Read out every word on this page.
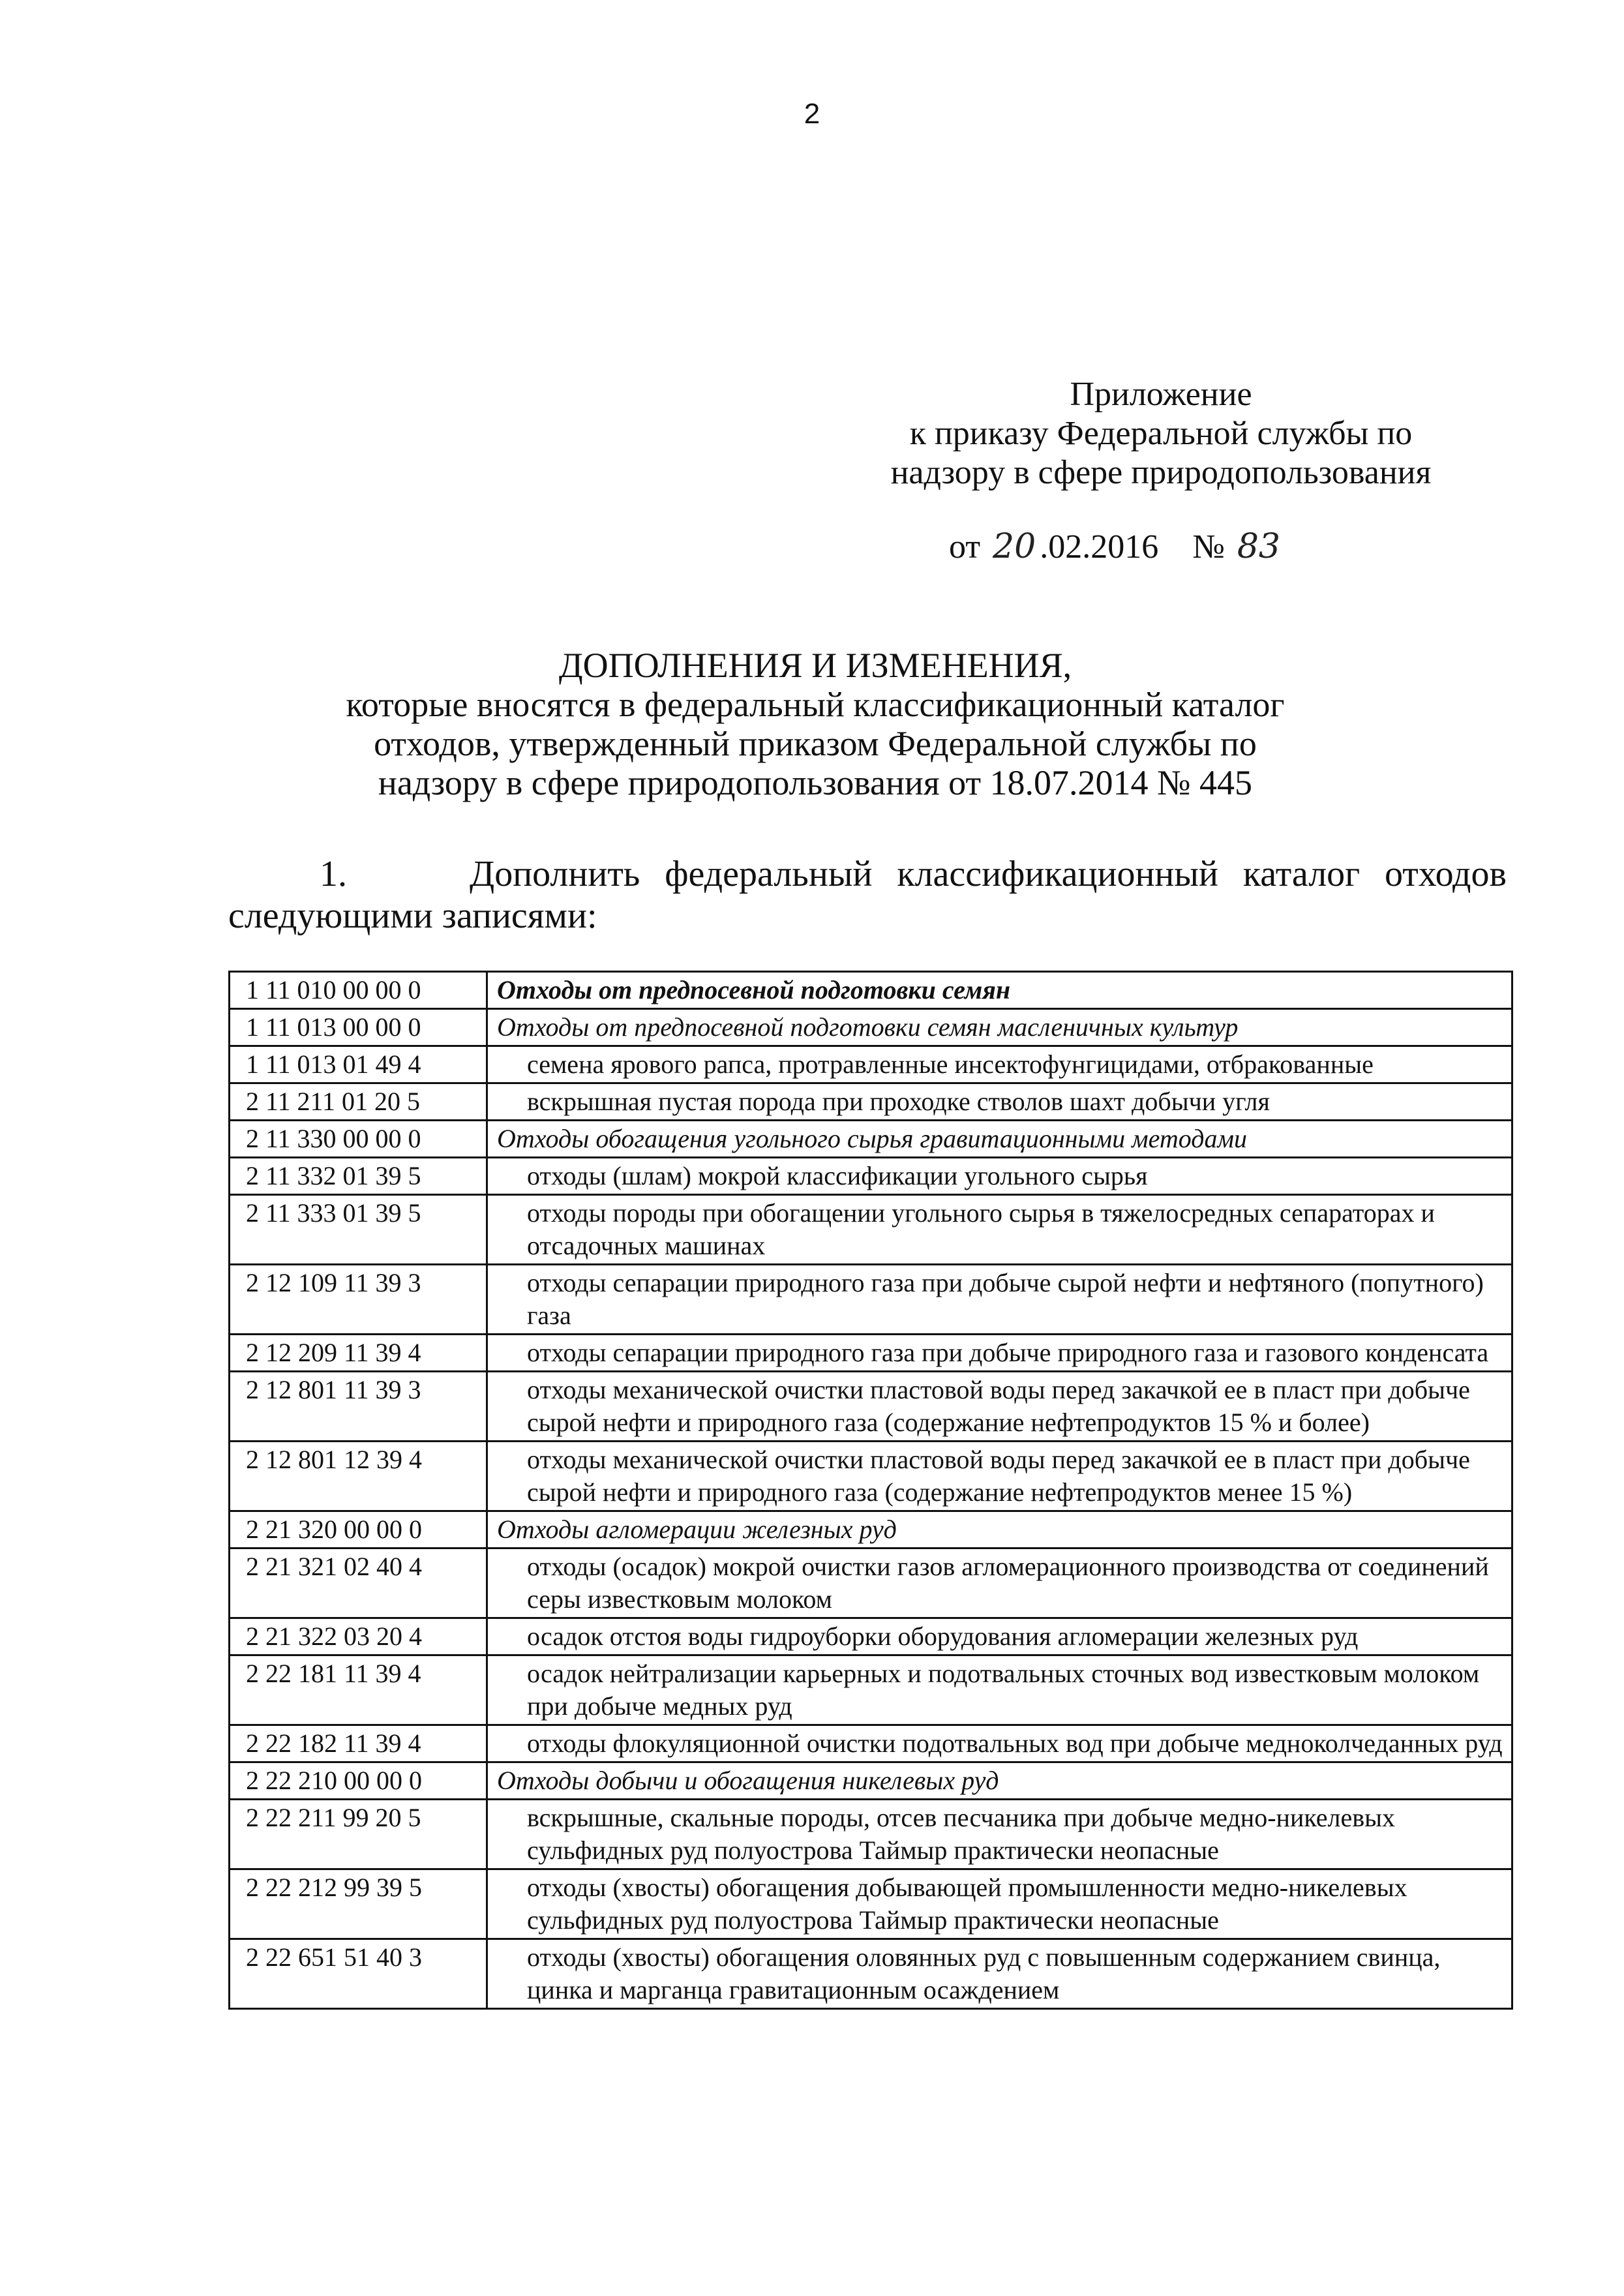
2
Приложение
к приказу Федеральной службы по
надзору в сфере природопользования
от 20 .02.2016 № 83
ДОПОЛНЕНИЯ И ИЗМЕНЕНИЯ,
которые вносятся в федеральный классификационный каталог
отходов, утвержденный приказом Федеральной службы по
надзору в сфере природопользования от 18.07.2014 № 445
1.	Дополнить федеральный классификационный каталог отходов
следующими записями:
1 11 010 00 00 0	Отходы от предпосевной подготовки семян
1 11 013 00 00 0	Отходы от предпосевной подготовки семян масленичных культур
1 11 013 01 49 4	семена ярового рапса, протравленные инсектофунгицидами, отбракованные
2 11 211 01 20 5	вскрышная пустая порода при проходке стволов шахт добычи угля
2 11 330 00 00 0	Отходы обогащения угольного сырья гравитационными методами
2 11 332 01 39 5	отходы (шлам) мокрой классификации угольного сырья
2 11 333 01 39 5	отходы породы при обогащении угольного сырья в тяжелосредных сепараторах и отсадочных машинах
2 12 109 11 39 3	отходы сепарации природного газа при добыче сырой нефти и нефтяного (попутного) газа
2 12 209 11 39 4	отходы сепарации природного газа при добыче природного газа и газового конденсата
2 12 801 11 39 3	отходы механической очистки пластовой воды перед закачкой ее в пласт при добыче сырой нефти и природного газа (содержание нефтепродуктов 15 % и более)
2 12 801 12 39 4	отходы механической очистки пластовой воды перед закачкой ее в пласт при добыче сырой нефти и природного газа (содержание нефтепродуктов менее 15 %)
2 21 320 00 00 0	Отходы агломерации железных руд
2 21 321 02 40 4	отходы (осадок) мокрой очистки газов агломерационного производства от соединений серы известковым молоком
2 21 322 03 20 4	осадок отстоя воды гидроуборки оборудования агломерации железных руд
2 22 181 11 39 4	осадок нейтрализации карьерных и подотвальных сточных вод известковым молоком при добыче медных руд
2 22 182 11 39 4	отходы флокуляционной очистки подотвальных вод при добыче медноколчеданных руд
2 22 210 00 00 0	Отходы добычи и обогащения никелевых руд
2 22 211 99 20 5	вскрышные, скальные породы, отсев песчаника при добыче медно-никелевых сульфидных руд полуострова Таймыр практически неопасные
2 22 212 99 39 5	отходы (хвосты) обогащения добывающей промышленности медно-никелевых сульфидных руд полуострова Таймыр практически неопасные
2 22 651 51 40 3	отходы (хвосты) обогащения оловянных руд с повышенным содержанием свинца, цинка и марганца гравитационным осаждением
